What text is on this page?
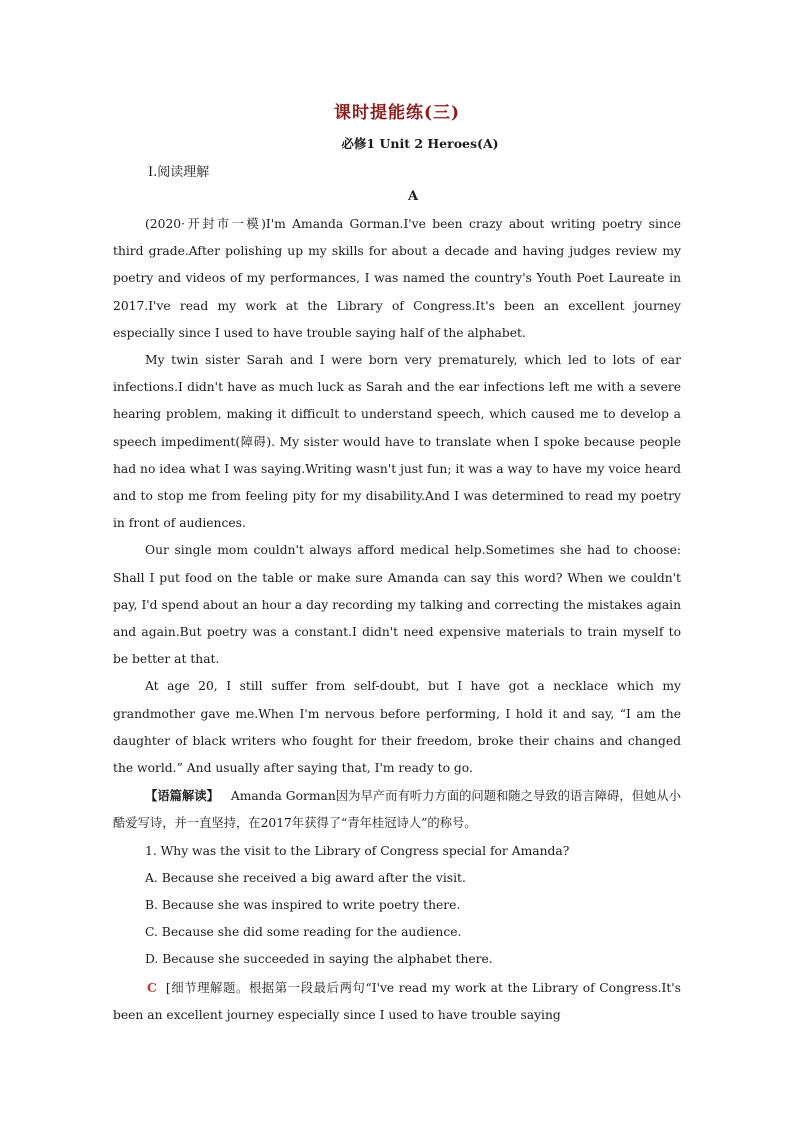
课时提能练(三)
必修1 Unit 2 Heroes(A)
Ⅰ.阅读理解
A

(2020·开封市一模)I'm Amanda Gorman.I've been crazy about writing poetry since third grade.After polishing up my skills for about a decade and having judges review my poetry and videos of my performances, I was named the country's Youth Poet Laureate in 2017.I've read my work at the Library of Congress.It's been an excellent journey especially since I used to have trouble saying half of the alphabet.

My twin sister Sarah and I were born very prematurely, which led to lots of ear infections.I didn't have as much luck as Sarah and the ear infections left me with a severe hearing problem, making it difficult to understand speech, which caused me to develop a speech impediment(障碍). My sister would have to translate when I spoke because people had no idea what I was saying.Writing wasn't just fun; it was a way to have my voice heard and to stop me from feeling pity for my disability.And I was determined to read my poetry in front of audiences.

Our single mom couldn't always afford medical help.Sometimes she had to choose: Shall I put food on the table or make sure Amanda can say this word? When we couldn't pay, I'd spend about an hour a day recording my talking and correcting the mistakes again and again.But poetry was a constant.I didn't need expensive materials to train myself to be better at that.

At age 20, I still suffer from self-doubt, but I have got a necklace which my grandmother gave me.When I'm nervous before performing, I hold it and say, “I am the daughter of black writers who fought for their freedom, broke their chains and changed the world.” And usually after saying that, I'm ready to go.

【语篇解读】 Amanda Gorman因为早产而有听力方面的问题和随之导致的语言障碍，但她从小酷爱写诗，并一直坚持，在2017年获得了“青年桂冠诗人”的称号。

1. Why was the visit to the Library of Congress special for Amanda?

A. Because she received a big award after the visit.

B. Because she was inspired to write poetry there.

C. Because she did some reading for the audience.

D. Because she succeeded in saying the alphabet there.

C [细节理解题。根据第一段最后两句“I've read my work at the Library of Congress.It's been an excellent journey especially since I used to have trouble saying
